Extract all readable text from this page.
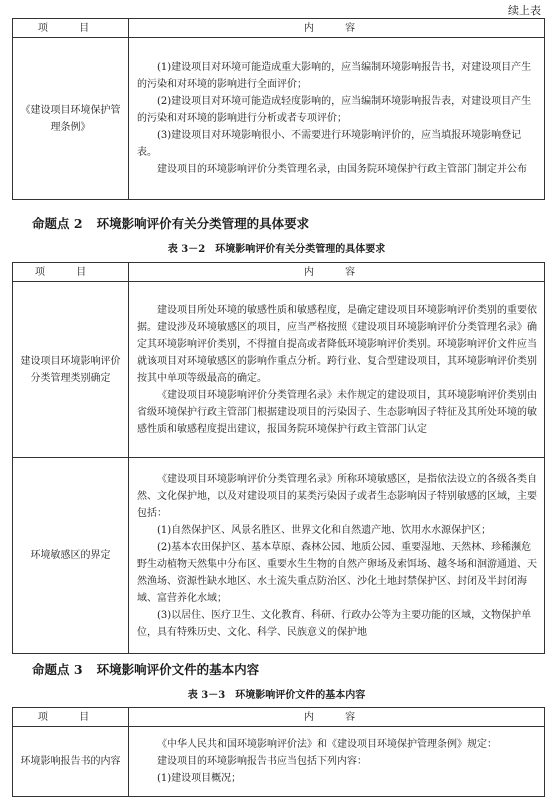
续上表
项 目	内 容
《建设项目环境保护管理条例》	(1)建设项目对环境可能造成重大影响的，应当编制环境影响报告书，对建设项目产生的污染和对环境的影响进行全面评价；

(2)建设项目对环境可能造成轻度影响的，应当编制环境影响报告表，对建设项目产生的污染和对环境的影响进行分析或者专项评价；

(3)建设项目对环境影响很小、不需要进行环境影响评价的，应当填报环境影响登记表。

建设项目的环境影响评价分类管理名录，由国务院环境保护行政主管部门制定并公布

命题点 2 环境影响评价有关分类管理的具体要求
表 3－2 环境影响评价有关分类管理的具体要求
项 目	内 容
建设项目环境影响评价分类管理类别确定	建设项目所处环境的敏感性质和敏感程度，是确定建设项目环境影响评价类别的重要依据。建设涉及环境敏感区的项目，应当严格按照《建设项目环境影响评价分类管理名录》确定其环境影响评价类别，不得擅自提高或者降低环境影响评价类别。环境影响评价文件应当就该项目对环境敏感区的影响作重点分析。跨行业、复合型建设项目，其环境影响评价类别按其中单项等级最高的确定。

《建设项目环境影响评价分类管理名录》未作规定的建设项目，其环境影响评价类别由省级环境保护行政主管部门根据建设项目的污染因子、生态影响因子特征及其所处环境的敏感性质和敏感程度提出建议，报国务院环境保护行政主管部门认定

环境敏感区的界定	《建设项目环境影响评价分类管理名录》所称环境敏感区，是指依法设立的各级各类自然、文化保护地，以及对建设项目的某类污染因子或者生态影响因子特别敏感的区域，主要包括：

(1)自然保护区、风景名胜区、世界文化和自然遗产地、饮用水水源保护区；

(2)基本农田保护区、基本草原、森林公园、地质公园、重要湿地、天然林、珍稀濒危野生动植物天然集中分布区、重要水生生物的自然产卵场及索饵场、越冬场和洄游通道、天然渔场、资源性缺水地区、水土流失重点防治区、沙化土地封禁保护区、封闭及半封闭海域、富营养化水域；

(3)以居住、医疗卫生、文化教育、科研、行政办公等为主要功能的区域，文物保护单位，具有特殊历史、文化、科学、民族意义的保护地

命题点 3 环境影响评价文件的基本内容
表 3－3 环境影响评价文件的基本内容
项 目	内 容
环境影响报告书的内容	《中华人民共和国环境影响评价法》和《建设项目环境保护管理条例》规定：

建设项目的环境影响报告书应当包括下列内容：

(1)建设项目概况；
